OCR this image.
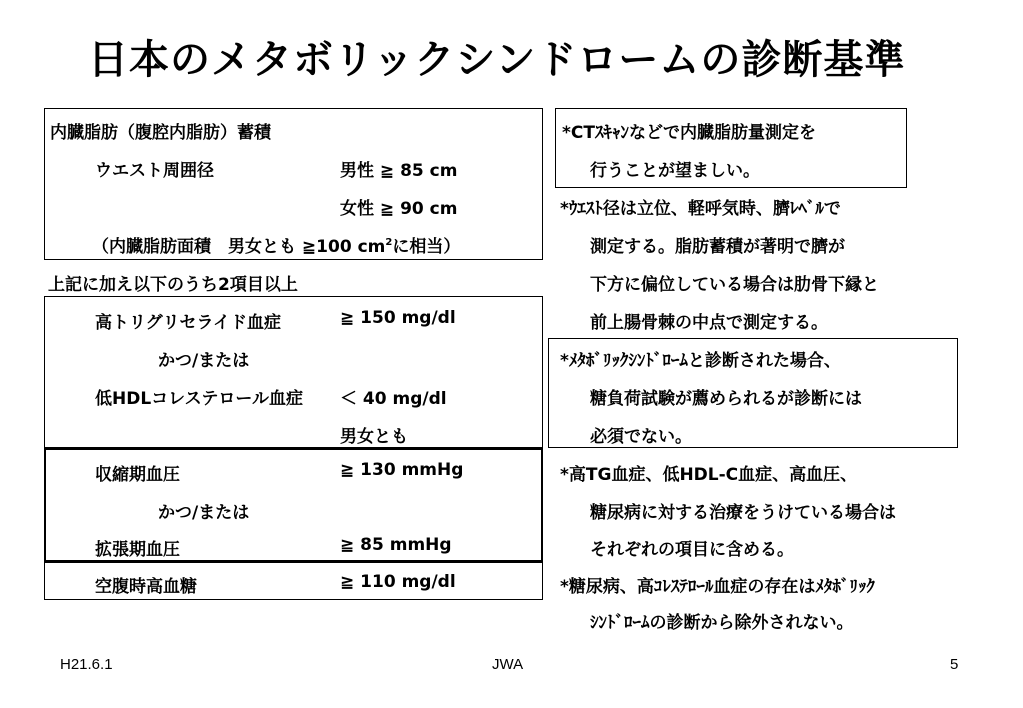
日本のメタボリックシンドロームの診断基準
内臓脂肪（腹腔内脂肪）蓄積
ウエスト周囲径	男性 ≧ 85 cm
女性 ≧ 90 cm
（内臓脂肪面積　男女とも ≧100 $cm^2$に相当）
上記に加え以下のうち2項目以上
高トリグリセライド血症	≧ 150 mg/dl
かつ/または
低HDLコレステロール血症 ＜ 40 mg/dl
男女とも
収縮期血圧	≧ 130 mmHg
かつ/または
拡張期血圧	≧ 85 mmHg
空腹時高血糖	≧ 110 mg/dl
*CTｽｷｬﾝなどで内臓脂肪量測定を
行うことが望ましい。
*ｳｴｽﾄ径は立位、軽呼気時、臍ﾚﾍﾞﾙで
測定する。脂肪蓄積が著明で臍が
下方に偏位している場合は肋骨下縁と
前上腸骨棘の中点で測定する。
*ﾒﾀﾎﾞﾘｯｸｼﾝﾄﾞﾛｰﾑと診断された場合、
糖負荷試験が薦められるが診断には
必須でない。
*高TG血症、低HDL-C血症、高血圧、
糖尿病に対する治療をうけている場合は
それぞれの項目に含める。
*糖尿病、高ｺﾚｽﾃﾛｰﾙ血症の存在はﾒﾀﾎﾞﾘｯｸ
ｼﾝﾄﾞﾛｰﾑの診断から除外されない。
H21.6.1	JWA	5
